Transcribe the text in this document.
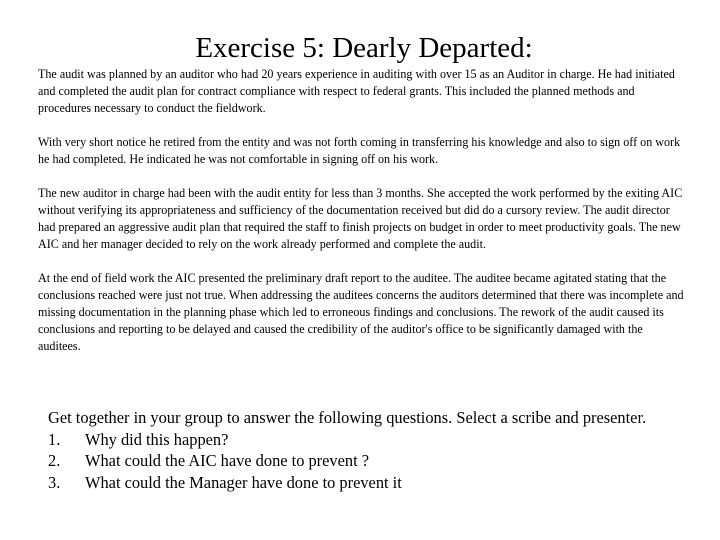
Exercise 5: Dearly Departed:

The audit was planned by an auditor who had 20 years experience in auditing with over 15 as an Auditor in charge. He had initiated and completed the audit plan for contract compliance with respect to federal grants. This included the planned methods and procedures necessary to conduct the fieldwork.

With very short notice he retired from the entity and was not forth coming in transferring his knowledge and also to sign off on work he had completed. He indicated he was not comfortable in signing off on his work.

The new auditor in charge had been with the audit entity for less than 3 months. She accepted the work performed by the exiting AIC without verifying its appropriateness and sufficiency of the documentation received but did do a cursory review. The audit director had prepared an aggressive audit plan that required the staff to finish projects on budget in order to meet productivity goals. The new AIC and her manager decided to rely on the work already performed and complete the audit.

At the end of field work the AIC presented the preliminary draft report to the auditee. The auditee became agitated stating that the conclusions reached were just not true. When addressing the auditees concerns the auditors determined that there was incomplete and missing documentation in the planning phase which led to erroneous findings and conclusions. The rework of the audit caused its conclusions and reporting to be delayed and caused the credibility of the auditor's office to be significantly damaged with the auditees.

Get together in your group to answer the following questions. Select a scribe and presenter.

1.	Why did this happen?
2.	What could the AIC have done to prevent ?
3.	What could the Manager have done to prevent it
